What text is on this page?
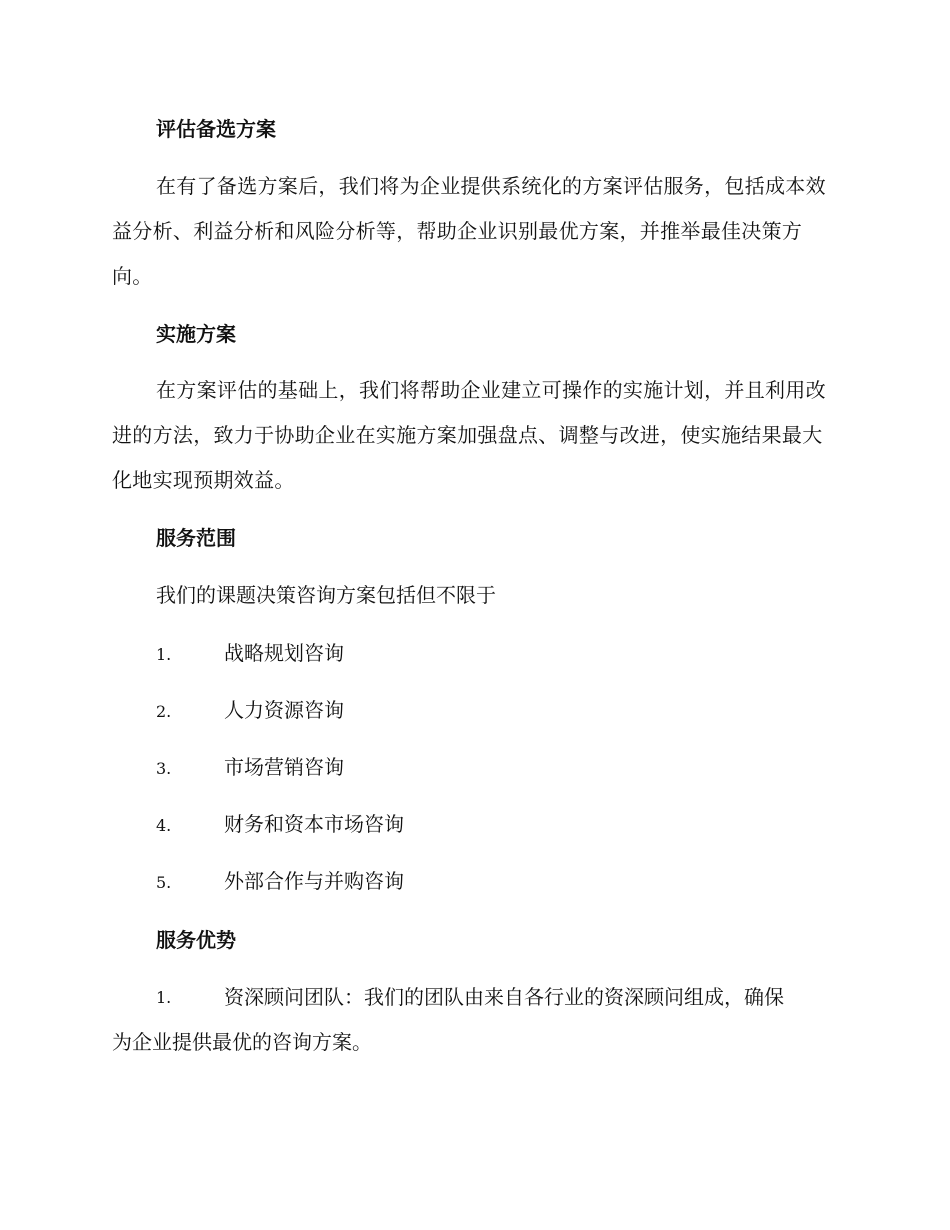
评估备选方案
在有了备选方案后，我们将为企业提供系统化的方案评估服务，包括成本效益分析、利益分析和风险分析等，帮助企业识别最优方案，并推举最佳决策方向。
实施方案
在方案评估的基础上，我们将帮助企业建立可操作的实施计划，并且利用改进的方法，致力于协助企业在实施方案加强盘点、调整与改进，使实施结果最大化地实现预期效益。
服务范围
我们的课题决策咨询方案包括但不限于
1.	战略规划咨询
2.	人力资源咨询
3.	市场营销咨询
4.	财务和资本市场咨询
5.	外部合作与并购咨询
服务优势
1.	资深顾问团队：我们的团队由来自各行业的资深顾问组成，确保
为企业提供最优的咨询方案。
